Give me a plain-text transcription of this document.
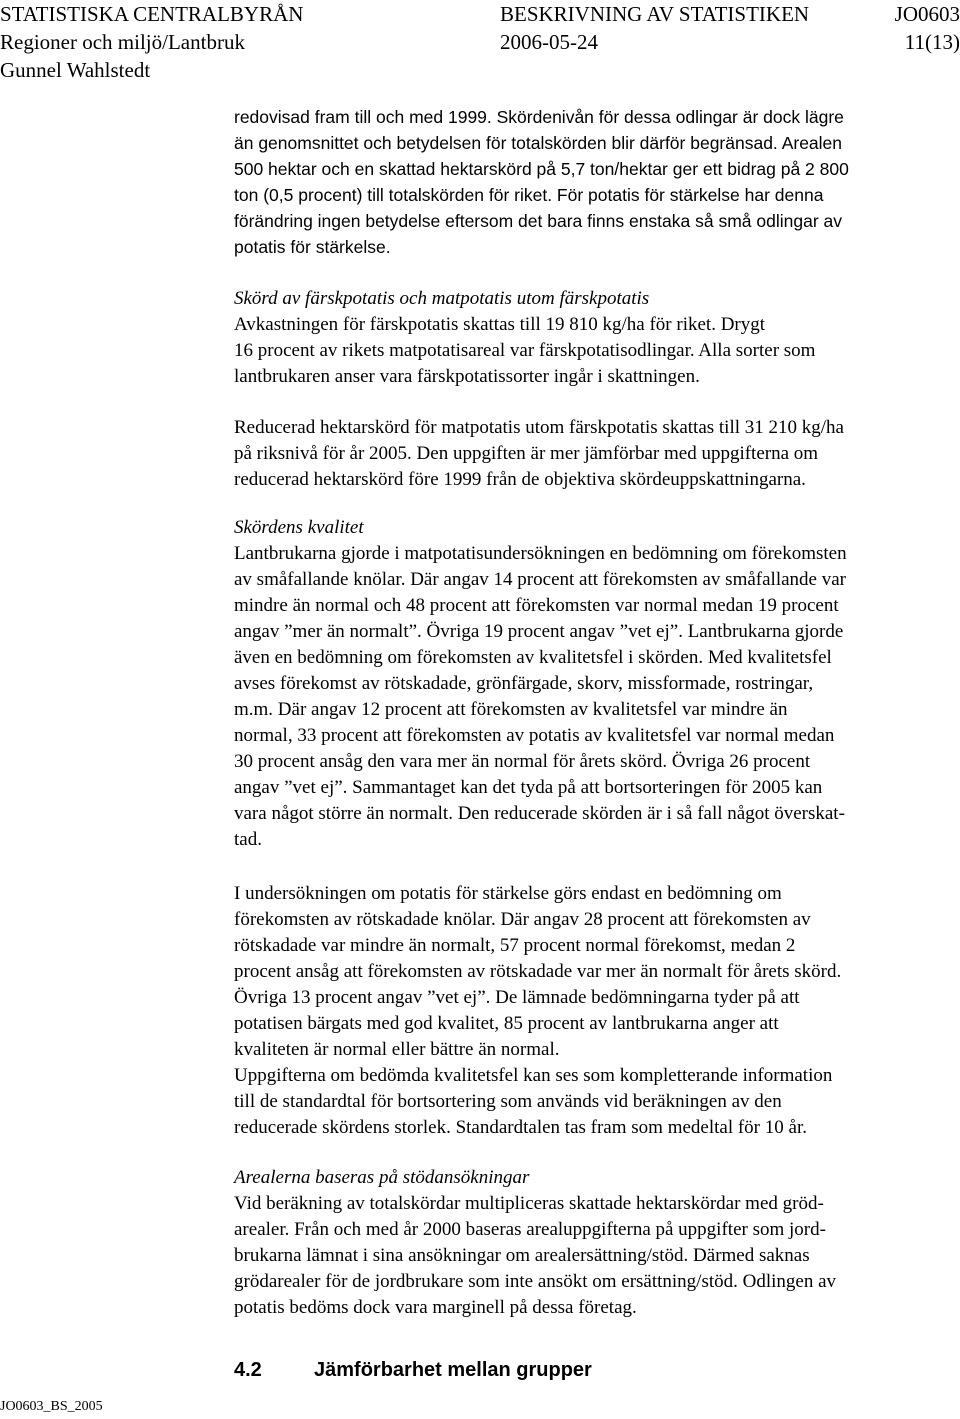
STATISTISKA CENTRALBYRÅN	BESKRIVNING AV STATISTIKEN	JO0603
Regioner och miljö/Lantbruk	2006-05-24	11(13)
Gunnel Wahlstedt

redovisad fram till och med 1999. Skördenivån för dessa odlingar är dock lägre
än genomsnittet och betydelsen för totalskörden blir därför begränsad. Arealen
500 hektar och en skattad hektarskörd på 5,7 ton/hektar ger ett bidrag på 2 800
ton (0,5 procent) till totalskörden för riket. För potatis för stärkelse har denna
förändring ingen betydelse eftersom det bara finns enstaka så små odlingar av
potatis för stärkelse.

Skörd av färskpotatis och matpotatis utom färskpotatis

Avkastningen för färskpotatis skattas till 19 810 kg/ha för riket. Drygt
16 procent av rikets matpotatisareal var färskpotatisodlingar. Alla sorter som
lantbrukaren anser vara färskpotatissorter ingår i skattningen.

Reducerad hektarskörd för matpotatis utom färskpotatis skattas till 31 210 kg/ha
på riksnivå för år 2005. Den uppgiften är mer jämförbar med uppgifterna om
reducerad hektarskörd före 1999 från de objektiva skördeuppskattningarna.

Skördens kvalitet

Lantbrukarna gjorde i matpotatisundersökningen en bedömning om förekomsten
av småfallande knölar. Där angav 14 procent att förekomsten av småfallande var
mindre än normal och 48 procent att förekomsten var normal medan 19 procent
angav ”mer än normalt”. Övriga 19 procent angav ”vet ej”. Lantbrukarna gjorde
även en bedömning om förekomsten av kvalitetsfel i skörden. Med kvalitetsfel
avses förekomst av rötskadade, grönfärgade, skorv, missformade, rostringar,
m.m. Där angav 12 procent att förekomsten av kvalitetsfel var mindre än
normal, 33 procent att förekomsten av potatis av kvalitetsfel var normal medan
30 procent ansåg den vara mer än normal för årets skörd. Övriga 26 procent
angav ”vet ej”. Sammantaget kan det tyda på att bortsorteringen för 2005 kan
vara något större än normalt. Den reducerade skörden är i så fall något överskat-
tad.

I undersökningen om potatis för stärkelse görs endast en bedömning om
förekomsten av rötskadade knölar. Där angav 28 procent att förekomsten av
rötskadade var mindre än normalt, 57 procent normal förekomst, medan 2
procent ansåg att förekomsten av rötskadade var mer än normalt för årets skörd.
Övriga 13 procent angav ”vet ej”. De lämnade bedömningarna tyder på att
potatisen bärgats med god kvalitet, 85 procent av lantbrukarna anger att
kvaliteten är normal eller bättre än normal.

Uppgifterna om bedömda kvalitetsfel kan ses som kompletterande information
till de standardtal för bortsortering som används vid beräkningen av den
reducerade skördens storlek. Standardtalen tas fram som medeltal för 10 år.

Arealerna baseras på stödansökningar

Vid beräkning av totalskördar multipliceras skattade hektarskördar med gröd-
arealer. Från och med år 2000 baseras arealuppgifterna på uppgifter som jord-
brukarna lämnat i sina ansökningar om arealersättning/stöd. Därmed saknas
grödarealer för de jordbrukare som inte ansökt om ersättning/stöd. Odlingen av
potatis bedöms dock vara marginell på dessa företag.

4.2	Jämförbarhet mellan grupper
JO0603_BS_2005
